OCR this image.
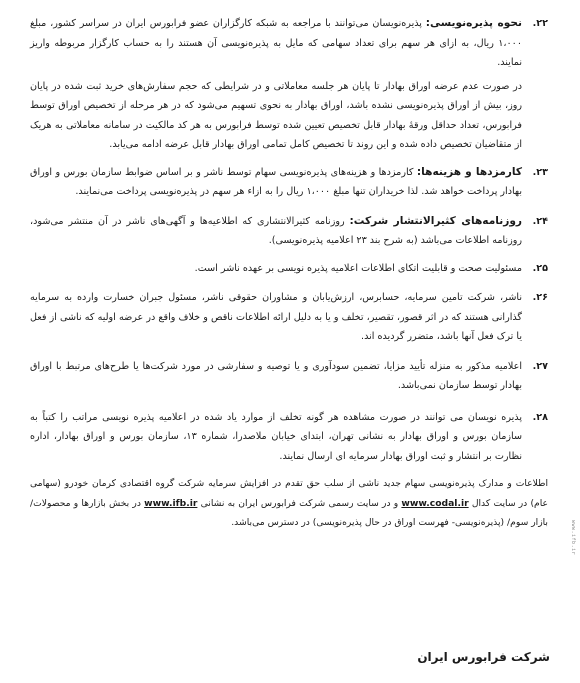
۲۲.
نحوه پذیره‌نویسی: پذیره‌نویسان می‌توانند با مراجعه به شبکه کارگزاران عضو فرابورس ایران در سراسر کشور، مبلغ ۱،۰۰۰ ریال، به ازای هر سهم برای تعداد سهامی که مایل به پذیره‌نویسی آن هستند را به حساب کارگزار مربوطه واریز نمایند.
در صورت عدم عرضه اوراق بهادار تا پایان هر جلسه معاملاتی و در شرایطی که حجم سفارش‌های خرید ثبت شده در پایان روز، بیش از اوراق پذیره‌نویسی نشده باشد، اوراق بهادار به نحوی تسهیم می‌شود که در هر مرحله از تخصیص اوراق توسط فرابورس، تعداد حداقل ورقهٔ بهادار قابل تخصیص تعیین شده توسط فرابورس به هر کد مالکیت در سامانه معاملاتی به هریک از متقاضیان تخصیص داده شده و این روند تا تخصیص کامل تمامی اوراق بهادار قابل عرضه ادامه می‌یابد.
۲۳.
کارمزدها و هزینه‌ها: کارمزدها و هزینه‌های پذیره‌نویسی سهام توسط ناشر و بر اساس ضوابط سازمان بورس و اوراق بهادار پرداخت خواهد شد. لذا خریداران تنها مبلغ ۱،۰۰۰ ریال را به ازاء هر سهم در پذیره‌نویسی پرداخت می‌نمایند.
۲۴.
روزنامه‌های کثیرالانتشار شرکت: روزنامه کثیرالانتشاری که اطلاعیه‌ها و آگهی‌های ناشر در آن منتشر می‌شود، روزنامه اطلاعات می‌باشد (به شرح بند ۲۳ اعلامیه پذیره‌نویسی).
۲۵.
مسئولیت صحت و قابلیت اتکای اطلاعات اعلامیه پذیره نویسی بر عهده ناشر است.
۲۶.
ناشر، شرکت تامین سرمایه، حسابرس، ارزش‌یابان و مشاوران حقوقی ناشر، مسئول جبران خسارت وارده به سرمایه گذارانی هستند که در اثر قصور، تقصیر، تخلف و یا به دلیل ارائه اطلاعات ناقص و خلاف واقع در عرضه اولیه که ناشی از فعل یا ترک فعل آنها باشد، متضرر گردیده اند.
۲۷.
اعلامیه مذکور به منزله تأیید مزایا، تضمین سودآوری و یا توصیه و سفارشی در مورد شرکت‌ها یا طرح‌های مرتبط با اوراق بهادار توسط سازمان نمی‌باشد.
۲۸.
پذیره نویسان می توانند در صورت مشاهده هر گونه تخلف از موارد یاد شده در اعلامیه پذیره نویسی مراتب را کتباً به سازمان بورس و اوراق بهادار به نشانی تهران، ابتدای خیابان ملاصدرا، شماره ۱۳، سازمان بورس و اوراق بهادار، اداره نظارت بر انتشار و ثبت اوراق بهادار سرمایه ای ارسال نمایند.
اطلاعات و مدارک پذیره‌نویسی سهام جدید ناشی از سلب حق تقدم در افزایش سرمایه شرکت گروه اقتصادی کرمان خودرو (سهامی عام) در سایت کدال www.codal.ir و در سایت رسمی شرکت فرابورس ایران به نشانی www.ifb.ir در بخش بازارها و محصولات/ بازار سوم/ (پذیره‌نویسی- فهرست اوراق در حال پذیره‌نویسی) در دسترس می‌باشد.	www.ifb.ir
شرکت فرابورس ایران
